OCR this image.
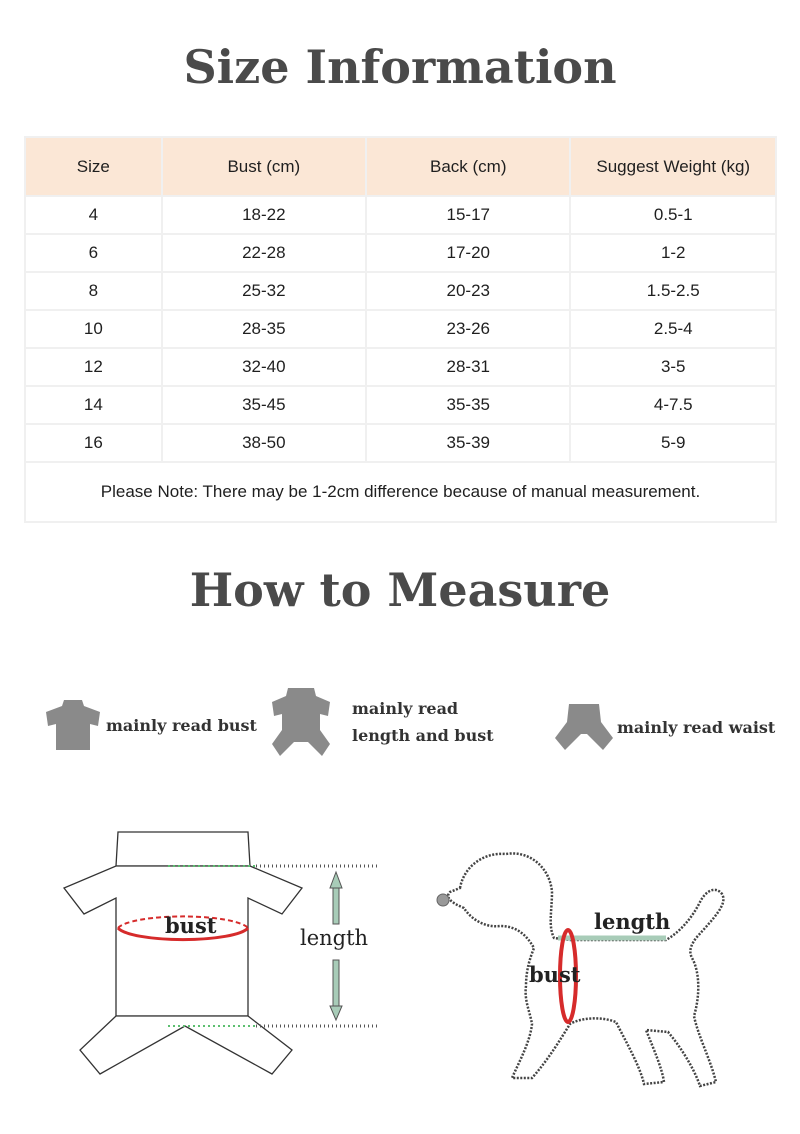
Size Information
Size	Bust (cm)	Back (cm)	Suggest Weight (kg)
4	18-22	15-17	0.5-1
6	22-28	17-20	1-2
8	25-32	20-23	1.5-2.5
10	28-35	23-26	2.5-4
12	32-40	28-31	3-5
14	35-45	35-35	4-7.5
16	38-50	35-39	5-9
Please Note: There may be 1-2cm difference because of manual measurement.			
How to Measure
mainly read bust
mainly read
length and bust	mainly read waist
bust	length
length
bust
